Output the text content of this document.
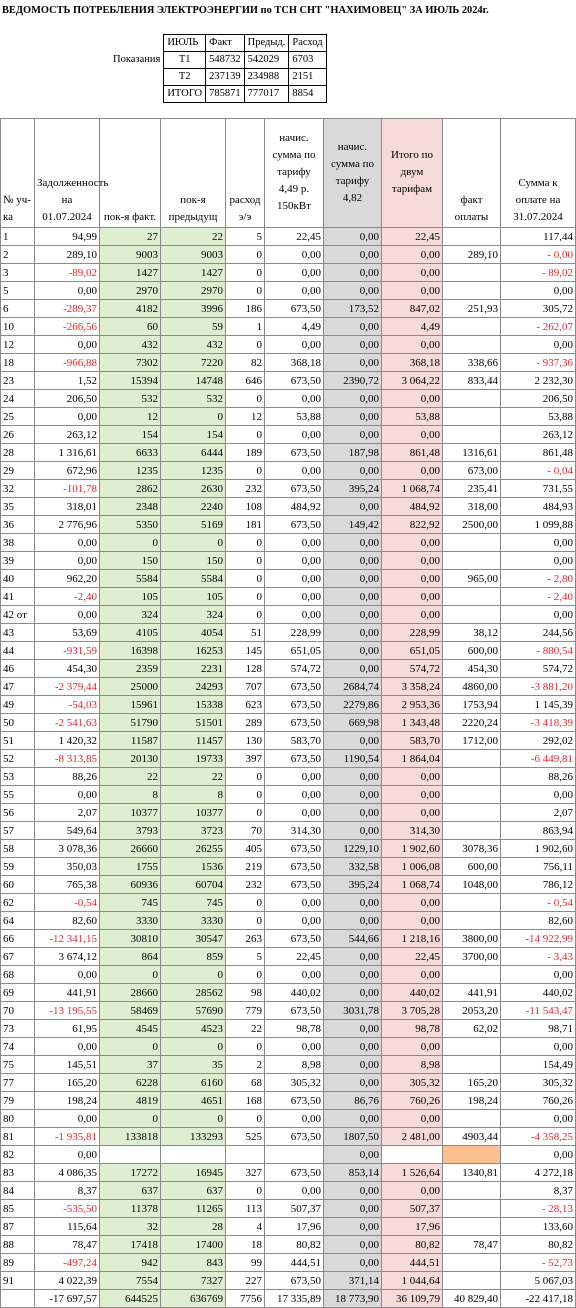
ВЕДОМОСТЬ ПОТРЕБЛЕНИЯ ЭЛЕКТРОЭНЕРГИИ по ТСН СНТ "НАХИМОВЕЦ" ЗА ИЮЛЬ 2024г.
	ИЮЛЬ	Факт	Предыд.	Расход
Показания	Т1	548732	542029	6703
	Т2	237139	234988	2151
	ИТОГО	785871	777017	8854
№ уч-ка	Задолженность на 01.07.2024	пок-я факт.	пок-я предыдущ	расход э/э	начис. сумма по тарифу 4,49 р. 150кВт	начис. сумма по тарифу 4,82	Итого по двум тарифам	факт оплаты	Сумма к оплате на 31.07.2024
1	94,99	27	22	5	22,45	0,00	22,45		117,44
2	289,10	9003	9003	0	0,00	0,00	0,00	289,10	- 0,00
3	-89,02	1427	1427	0	0,00	0,00	0,00		- 89,02
5	0,00	2970	2970	0	0,00	0,00	0,00		0,00
6	-289,37	4182	3996	186	673,50	173,52	847,02	251,93	305,72
10	-266,56	60	59	1	4,49	0,00	4,49		- 262,07
12	0,00	432	432	0	0,00	0,00	0,00		0,00
18	-966,88	7302	7220	82	368,18	0,00	368,18	338,66	- 937,36
23	1,52	15394	14748	646	673,50	2390,72	3 064,22	833,44	2 232,30
24	206,50	532	532	0	0,00	0,00	0,00		206,50
25	0,00	12	0	12	53,88	0,00	53,88		53,88
26	263,12	154	154	0	0,00	0,00	0,00		263,12
28	1 316,61	6633	6444	189	673,50	187,98	861,48	1316,61	861,48
29	672,96	1235	1235	0	0,00	0,00	0,00	673,00	- 0,04
32	-101,78	2862	2630	232	673,50	395,24	1 068,74	235,41	731,55
35	318,01	2348	2240	108	484,92	0,00	484,92	318,00	484,93
36	2 776,96	5350	5169	181	673,50	149,42	822,92	2500,00	1 099,88
38	0,00	0	0	0	0,00	0,00	0,00		0,00
39	0,00	150	150	0	0,00	0,00	0,00		0,00
40	962,20	5584	5584	0	0,00	0,00	0,00	965,00	- 2,80
41	-2,40	105	105	0	0,00	0,00	0,00		- 2,40
42 от	0,00	324	324	0	0,00	0,00	0,00		0,00
43	53,69	4105	4054	51	228,99	0,00	228,99	38,12	244,56
44	-931,59	16398	16253	145	651,05	0,00	651,05	600,00	- 880,54
46	454,30	2359	2231	128	574,72	0,00	574,72	454,30	574,72
47	-2 379,44	25000	24293	707	673,50	2684,74	3 358,24	4860,00	-3 881,20
49	-54,03	15961	15338	623	673,50	2279,86	2 953,36	1753,94	1 145,39
50	-2 541,63	51790	51501	289	673,50	669,98	1 343,48	2220,24	-3 418,39
51	1 420,32	11587	11457	130	583,70	0,00	583,70	1712,00	292,02
52	-8 313,85	20130	19733	397	673,50	1190,54	1 864,04		-6 449,81
53	88,26	22	22	0	0,00	0,00	0,00		88,26
55	0,00	8	8	0	0,00	0,00	0,00		0,00
56	2,07	10377	10377	0	0,00	0,00	0,00		2,07
57	549,64	3793	3723	70	314,30	0,00	314,30		863,94
58	3 078,36	26660	26255	405	673,50	1229,10	1 902,60	3078,36	1 902,60
59	350,03	1755	1536	219	673,50	332,58	1 006,08	600,00	756,11
60	765,38	60936	60704	232	673,50	395,24	1 068,74	1048,00	786,12
62	-0,54	745	745	0	0,00	0,00	0,00		- 0,54
64	82,60	3330	3330	0	0,00	0,00	0,00		82,60
66	-12 341,15	30810	30547	263	673,50	544,66	1 218,16	3800,00	-14 922,99
67	3 674,12	864	859	5	22,45	0,00	22,45	3700,00	- 3,43
68	0,00	0	0	0	0,00	0,00	0,00		0,00
69	441,91	28660	28562	98	440,02	0,00	440,02	441,91	440,02
70	-13 195,55	58469	57690	779	673,50	3031,78	3 705,28	2053,20	-11 543,47
73	61,95	4545	4523	22	98,78	0,00	98,78	62,02	98,71
74	0,00	0	0	0	0,00	0,00	0,00		0,00
75	145,51	37	35	2	8,98	0,00	8,98		154,49
77	165,20	6228	6160	68	305,32	0,00	305,32	165,20	305,32
79	198,24	4819	4651	168	673,50	86,76	760,26	198,24	760,26
80	0,00	0	0	0	0,00	0,00	0,00		0,00
81	-1 935,81	133818	133293	525	673,50	1807,50	2 481,00	4903,44	-4 358,25
82	0,00					0,00			0,00
83	4 086,35	17272	16945	327	673,50	853,14	1 526,64	1340,81	4 272,18
84	8,37	637	637	0	0,00	0,00	0,00		8,37
85	-535,50	11378	11265	113	507,37	0,00	507,37		- 28,13
87	115,64	32	28	4	17,96	0,00	17,96		133,60
88	78,47	17418	17400	18	80,82	0,00	80,82	78,47	80,82
89	-497,24	942	843	99	444,51	0,00	444,51		- 52,73
91	4 022,39	7554	7327	227	673,50	371,14	1 044,64		5 067,03
	-17 697,57	644525	636769	7756	17 335,89	18 773,90	36 109,79	40 829,40	-22 417,18
